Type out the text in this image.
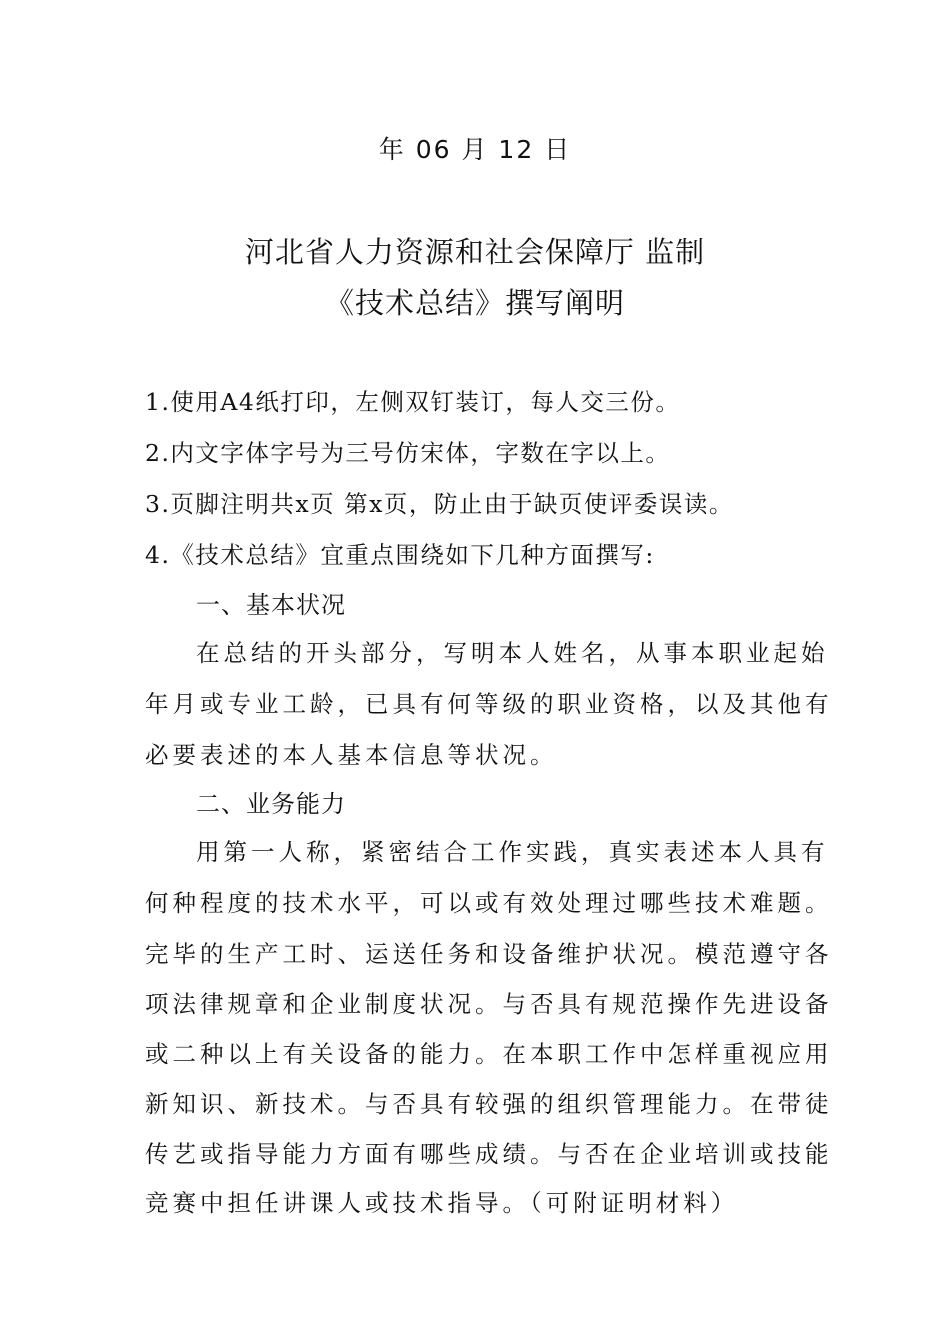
年 06 月 12 日
河北省人力资源和社会保障厅 监制
《技术总结》撰写阐明
1.使用A4纸打印，左侧双钉装订，每人交三份。
2.内文字体字号为三号仿宋体，字数在字以上。
3.页脚注明共x页 第x页，防止由于缺页使评委误读。
4.《技术总结》宜重点围绕如下几种方面撰写:
一、基本状况
在总结的开头部分，写明本人姓名，从事本职业起始
年月或专业工龄，已具有何等级的职业资格，以及其他有
必要表述的本人基本信息等状况。
二、业务能力
用第一人称，紧密结合工作实践，真实表述本人具有
何种程度的技术水平，可以或有效处理过哪些技术难题。
完毕的生产工时、运送任务和设备维护状况。模范遵守各
项法律规章和企业制度状况。与否具有规范操作先进设备
或二种以上有关设备的能力。在本职工作中怎样重视应用
新知识、新技术。与否具有较强的组织管理能力。在带徒
传艺或指导能力方面有哪些成绩。与否在企业培训或技能
竞赛中担任讲课人或技术指导。（可附证明材料）
